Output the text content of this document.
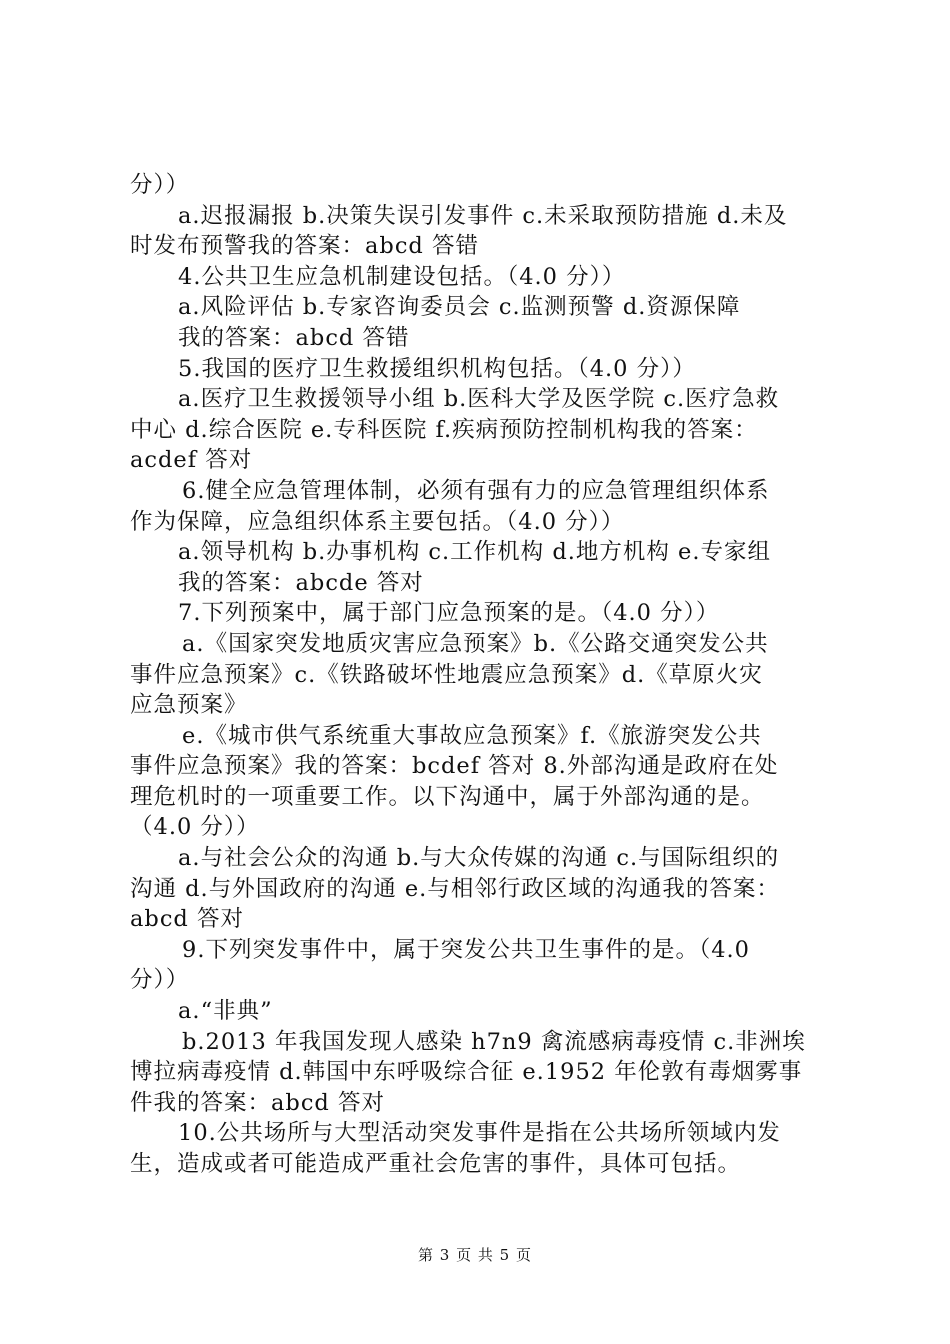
分））
a.迟报漏报 b.决策失误引发事件 c.未采取预防措施 d.未及
时发布预警我的答案：abcd 答错
4.公共卫生应急机制建设包括。（4.0 分））
a.风险评估 b.专家咨询委员会 c.监测预警 d.资源保障
我的答案：abcd 答错
5.我国的医疗卫生救援组织机构包括。（4.0 分））
a.医疗卫生救援领导小组 b.医科大学及医学院 c.医疗急救
中心 d.综合医院 e.专科医院 f.疾病预防控制机构我的答案：
acdef 答对
6.健全应急管理体制，必须有强有力的应急管理组织体系
作为保障，应急组织体系主要包括。（4.0 分））
a.领导机构 b.办事机构 c.工作机构 d.地方机构 e.专家组
我的答案：abcde 答对
7.下列预案中，属于部门应急预案的是。（4.0 分））
a.《国家突发地质灾害应急预案》b.《公路交通突发公共
事件应急预案》c.《铁路破坏性地震应急预案》d.《草原火灾
应急预案》
e.《城市供气系统重大事故应急预案》f.《旅游突发公共
事件应急预案》我的答案：bcdef 答对 8.外部沟通是政府在处
理危机时的一项重要工作。以下沟通中，属于外部沟通的是。
（4.0 分））
a.与社会公众的沟通 b.与大众传媒的沟通 c.与国际组织的
沟通 d.与外国政府的沟通 e.与相邻行政区域的沟通我的答案：
abcd 答对
9.下列突发事件中，属于突发公共卫生事件的是。（4.0
分））
a.“非典”
b.2013 年我国发现人感染 h7n9 禽流感病毒疫情 c.非洲埃
博拉病毒疫情 d.韩国中东呼吸综合征 e.1952 年伦敦有毒烟雾事
件我的答案：abcd 答对
10.公共场所与大型活动突发事件是指在公共场所领域内发
生，造成或者可能造成严重社会危害的事件，具体可包括。
第 3 页 共 5 页
